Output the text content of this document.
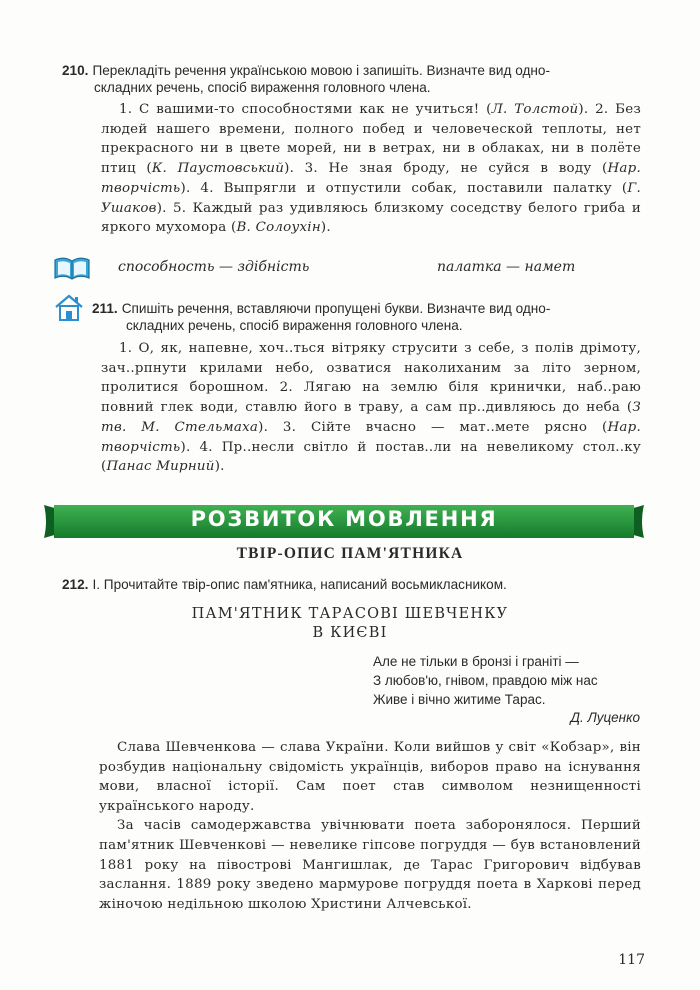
210. Перекладіть речення українською мовою і запишіть. Визначте вид одно-
складних речень, спосіб вираження головного члена.

1. С вашими-то способностями как не учиться! (Л. Толстой). 2. Без людей нашего времени, полного побед и человеческой теплоты, нет прекрасного ни в цвете морей, ни в ветрах, ни в облаках, ни в полёте птиц (К. Паустовський). 3. Не зная броду, не суйся в воду (Нар. творчість). 4. Выпрягли и отпустили собак, поставили палатку (Г. Ушаков). 5. Каждый раз удивляюсь близкому соседству белого гриба и яркого мухомора (В. Солоухін).

способность — здібність	палатка — намет
211. Спишіть речення, вставляючи пропущені букви. Визначте вид одно-
складних речень, спосіб вираження головного члена.

1. О, як, напевне, хоч..ться вітряку струсити з себе, з полів дрімоту, зач..рпнути крилами небо, озватися наколиханим за літо зерном, пролитися борошном. 2. Лягаю на землю біля кринички, наб..раю повний глек води, ставлю його в траву, а сам пр..дивляюсь до неба (З тв. М. Стельмаха). 3. Сійте вчасно — мат..мете рясно (Нар. творчість). 4. Пр..несли світло й постав..ли на невеликому стол..ку (Панас Мирний).

РОЗВИТОК МОВЛЕННЯ
ТВІР-ОПИС ПАМ'ЯТНИКА
212. І. Прочитайте твір-опис пам'ятника, написаний восьмикласником.
ПАМ'ЯТНИК ТАРАСОВІ ШЕВЧЕНКУ
В КИЄВІ
Але не тільки в бронзі і граніті —
З любов'ю, гнівом, правдою між нас
Живе і вічно житиме Тарас.
Д. Луценко

Слава Шевченкова — слава України. Коли вийшов у світ «Кобзар», він розбудив національну свідомість українців, виборов право на існування мови, власної історії. Сам поет став символом незнищенності українського народу.

За часів самодержавства увічнювати поета заборонялося. Перший пам'ятник Шевченкові — невелике гіпсове погруддя — був встановлений 1881 року на півострові Мангишлак, де Тарас Григорович відбував заслання. 1889 року зведено мармурове погруддя поета в Харкові перед жіночою недільною школою Христини Алчевської.

117
